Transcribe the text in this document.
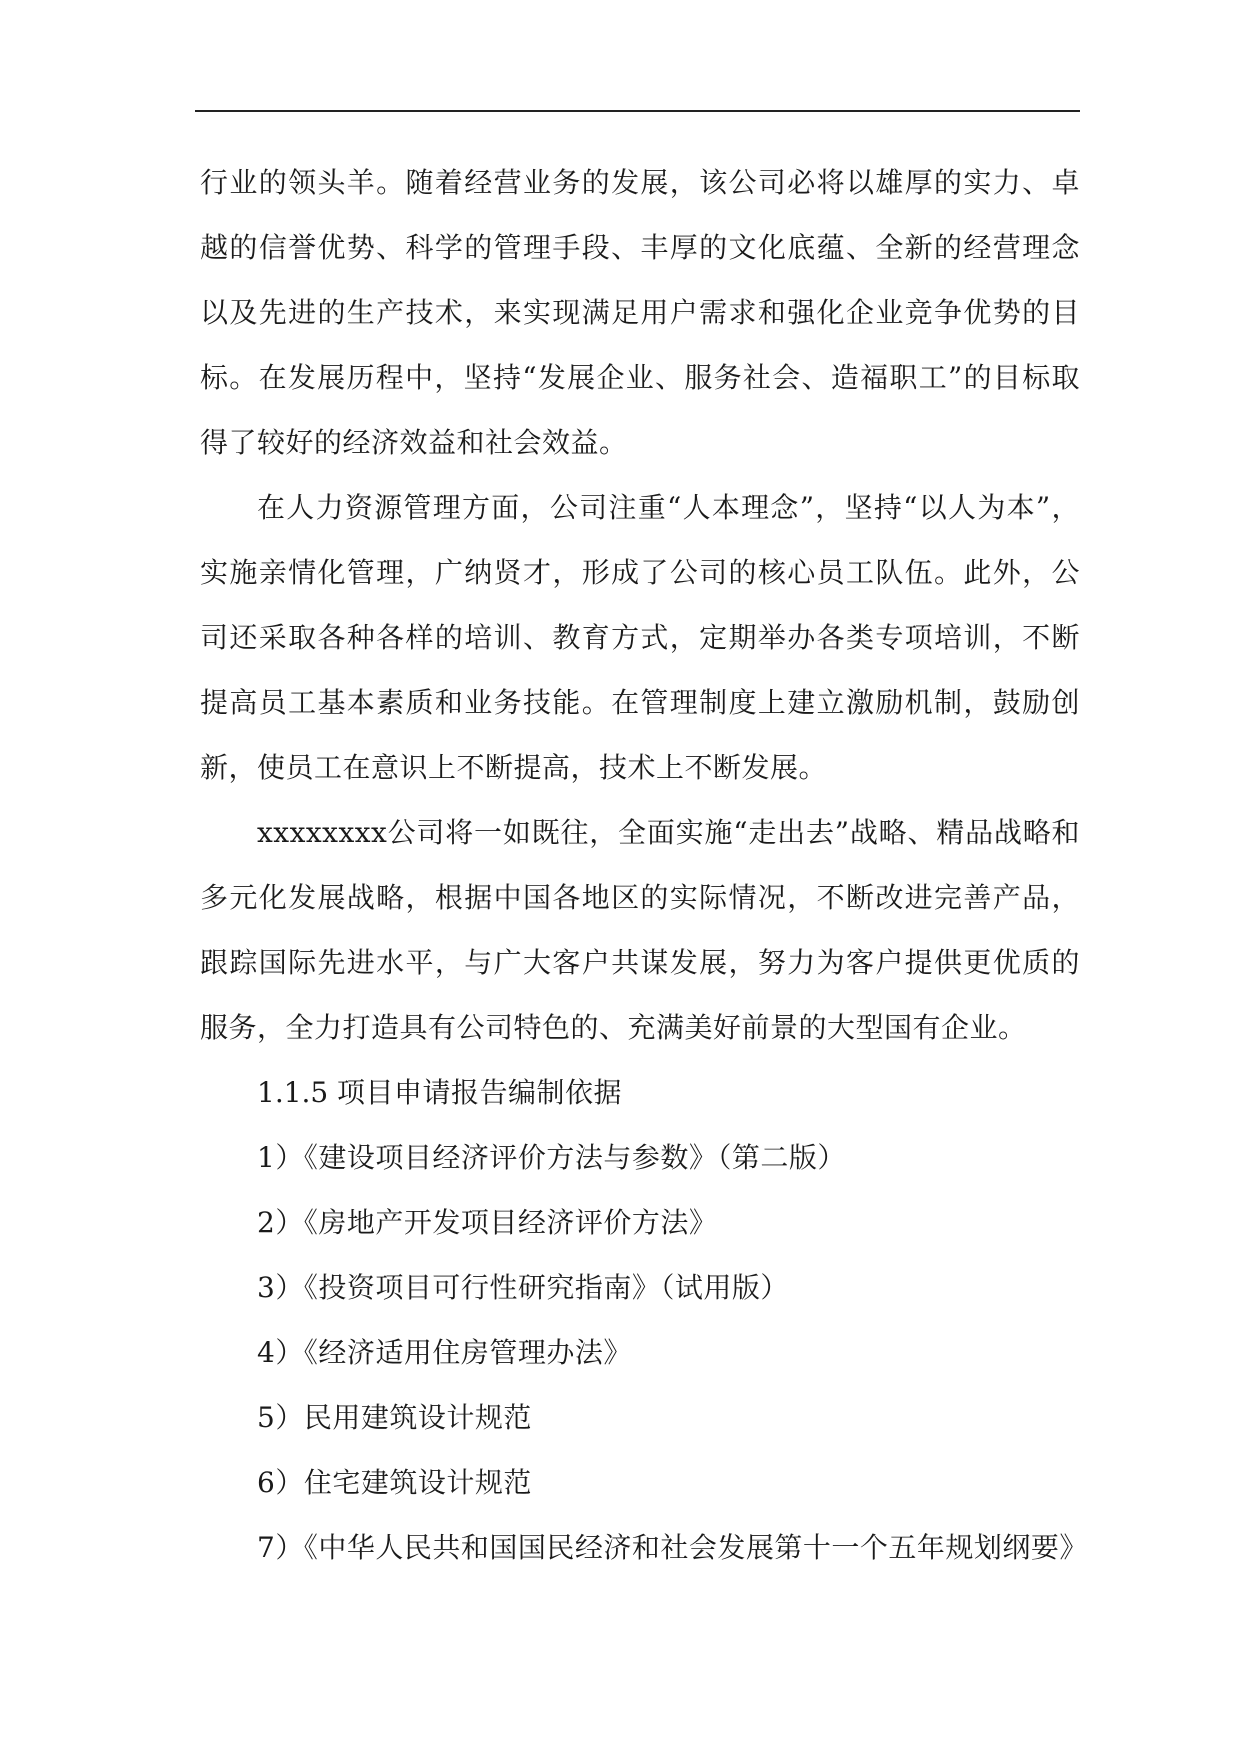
行业的领头羊。随着经营业务的发展，该公司必将以雄厚的实力、卓越的信誉优势、科学的管理手段、丰厚的文化底蕴、全新的经营理念以及先进的生产技术，来实现满足用户需求和强化企业竞争优势的目标。在发展历程中，坚持“发展企业、服务社会、造福职工”的目标取得了较好的经济效益和社会效益。

在人力资源管理方面，公司注重“人本理念”，坚持“以人为本”，实施亲情化管理，广纳贤才，形成了公司的核心员工队伍。此外，公司还采取各种各样的培训、教育方式，定期举办各类专项培训，不断提高员工基本素质和业务技能。在管理制度上建立激励机制，鼓励创新，使员工在意识上不断提高，技术上不断发展。

xxxxxxxx公司将一如既往，全面实施“走出去”战略、精品战略和多元化发展战略，根据中国各地区的实际情况，不断改进完善产品，跟踪国际先进水平，与广大客户共谋发展，努力为客户提供更优质的服务，全力打造具有公司特色的、充满美好前景的大型国有企业。

1.1.5 项目申请报告编制依据
1）《建设项目经济评价方法与参数》（第二版）
2）《房地产开发项目经济评价方法》
3）《投资项目可行性研究指南》（试用版）
4）《经济适用住房管理办法》
5）民用建筑设计规范
6）住宅建筑设计规范
7）《中华人民共和国国民经济和社会发展第十一个五年规划纲要》
